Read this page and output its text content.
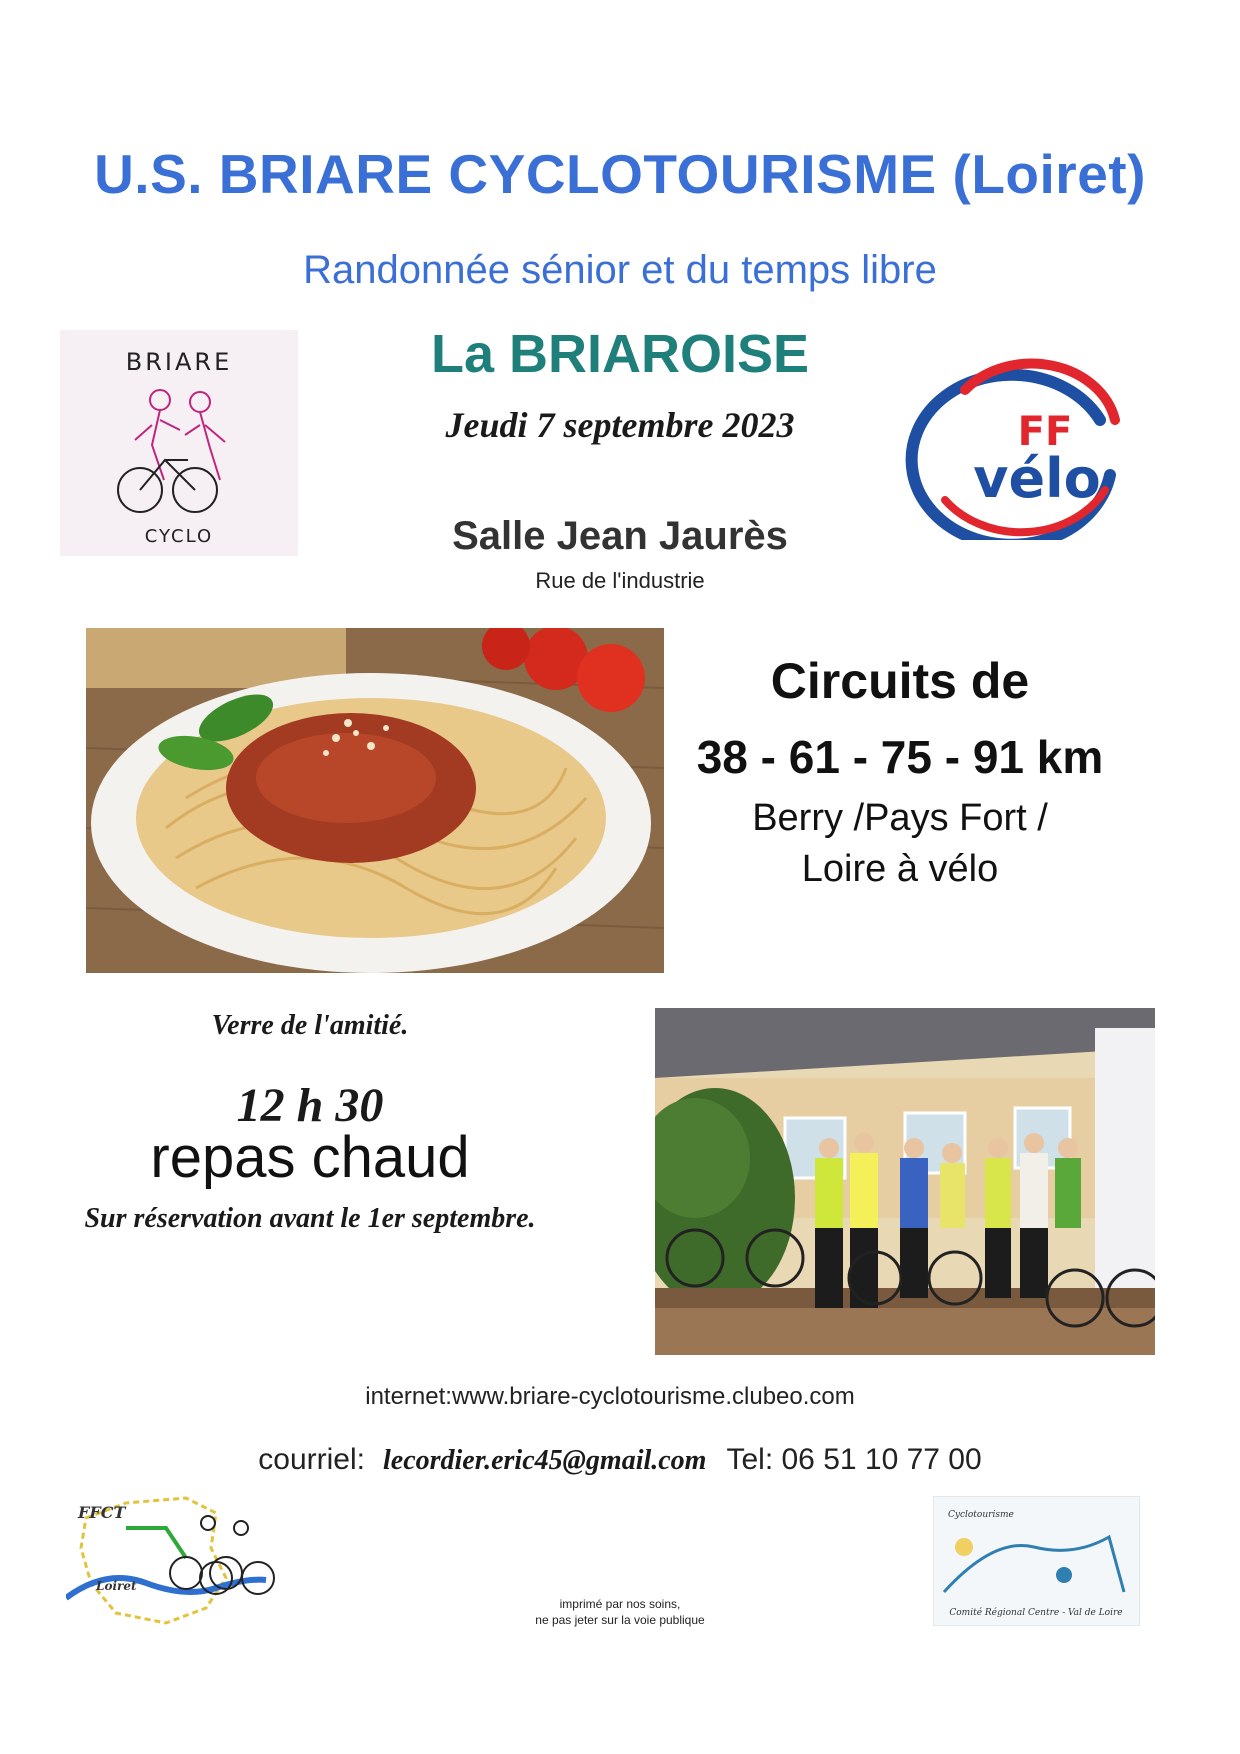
U.S. BRIARE CYCLOTOURISME (Loiret)
Randonnée sénior et du temps libre
BRIARE
CYCLO
La BRIAROISE
Jeudi 7 septembre 2023
Salle Jean Jaurès
Rue de l'industrie
FF
vélo
Circuits de
38 - 61 - 75 - 91 km
Berry /Pays Fort /
Loire à vélo
Verre de l'amitié.
12 h 30
repas chaud
Sur réservation avant le 1er septembre.
internet:www.briare-cyclotourisme.clubeo.com
courriel: lecordier.eric45@gmail.com Tel: 06 51 10 77 00
FFCT
Loiret
imprimé par nos soins,
ne pas jeter sur la voie publique
Cyclotourisme
Comité Régional Centre - Val de Loire
